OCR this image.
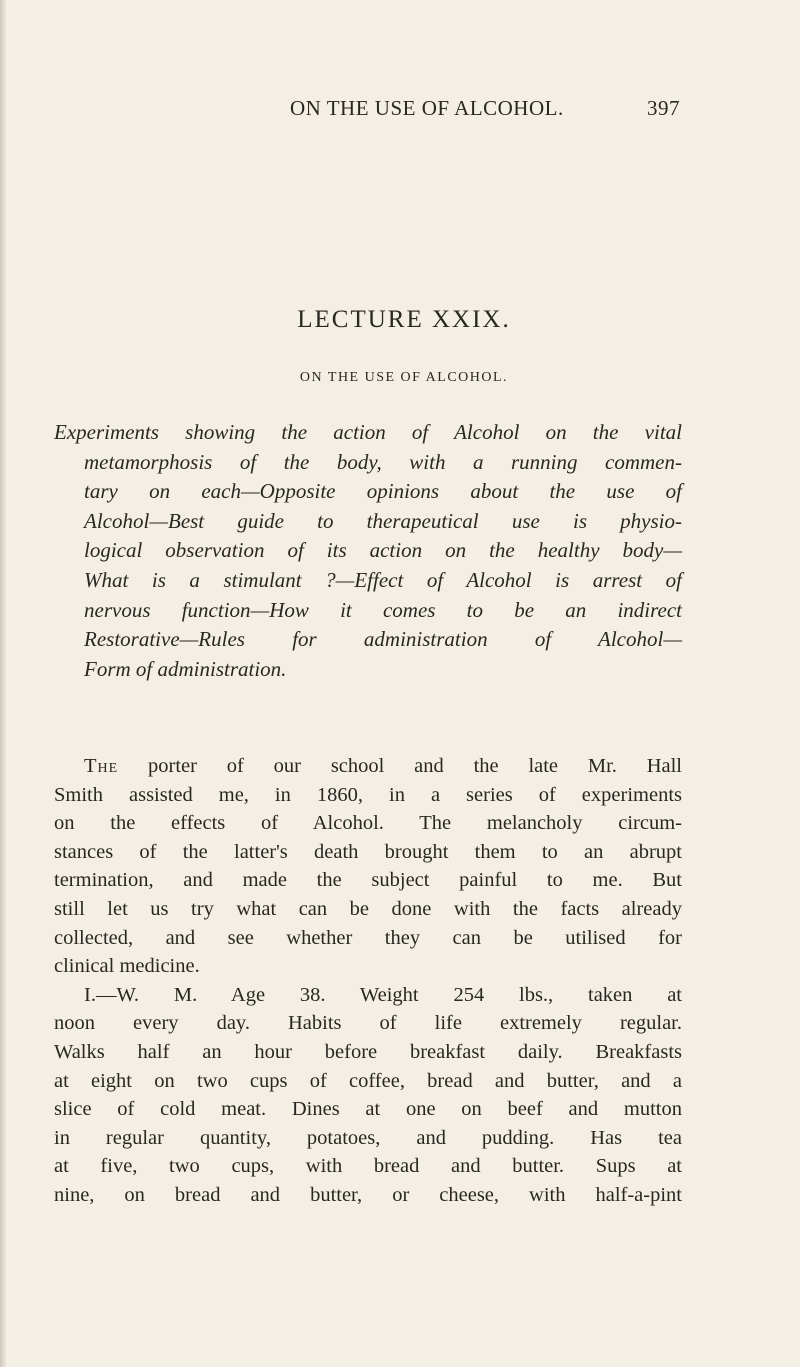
ON THE USE OF ALCOHOL.	397
LECTURE XXIX.
ON THE USE OF ALCOHOL.
Experiments showing the action of Alcohol on the vital
metamorphosis of the body, with a running commen-
tary on each—Opposite opinions about the use of
Alcohol—Best guide to therapeutical use is physio-
logical observation of its action on the healthy body—
What is a stimulant ?—Effect of Alcohol is arrest of
nervous function—How it comes to be an indirect
Restorative—Rules for administration of Alcohol—
Form of administration.
The porter of our school and the late Mr. Hall
Smith assisted me, in 1860, in a series of experiments
on the effects of Alcohol. The melancholy circum-
stances of the latter's death brought them to an abrupt
termination, and made the subject painful to me. But
still let us try what can be done with the facts already
collected, and see whether they can be utilised for
clinical medicine.
I.—W. M. Age 38. Weight 254 lbs., taken at
noon every day. Habits of life extremely regular.
Walks half an hour before breakfast daily. Breakfasts
at eight on two cups of coffee, bread and butter, and a
slice of cold meat. Dines at one on beef and mutton
in regular quantity, potatoes, and pudding. Has tea
at five, two cups, with bread and butter. Sups at
nine, on bread and butter, or cheese, with half-a-pint
